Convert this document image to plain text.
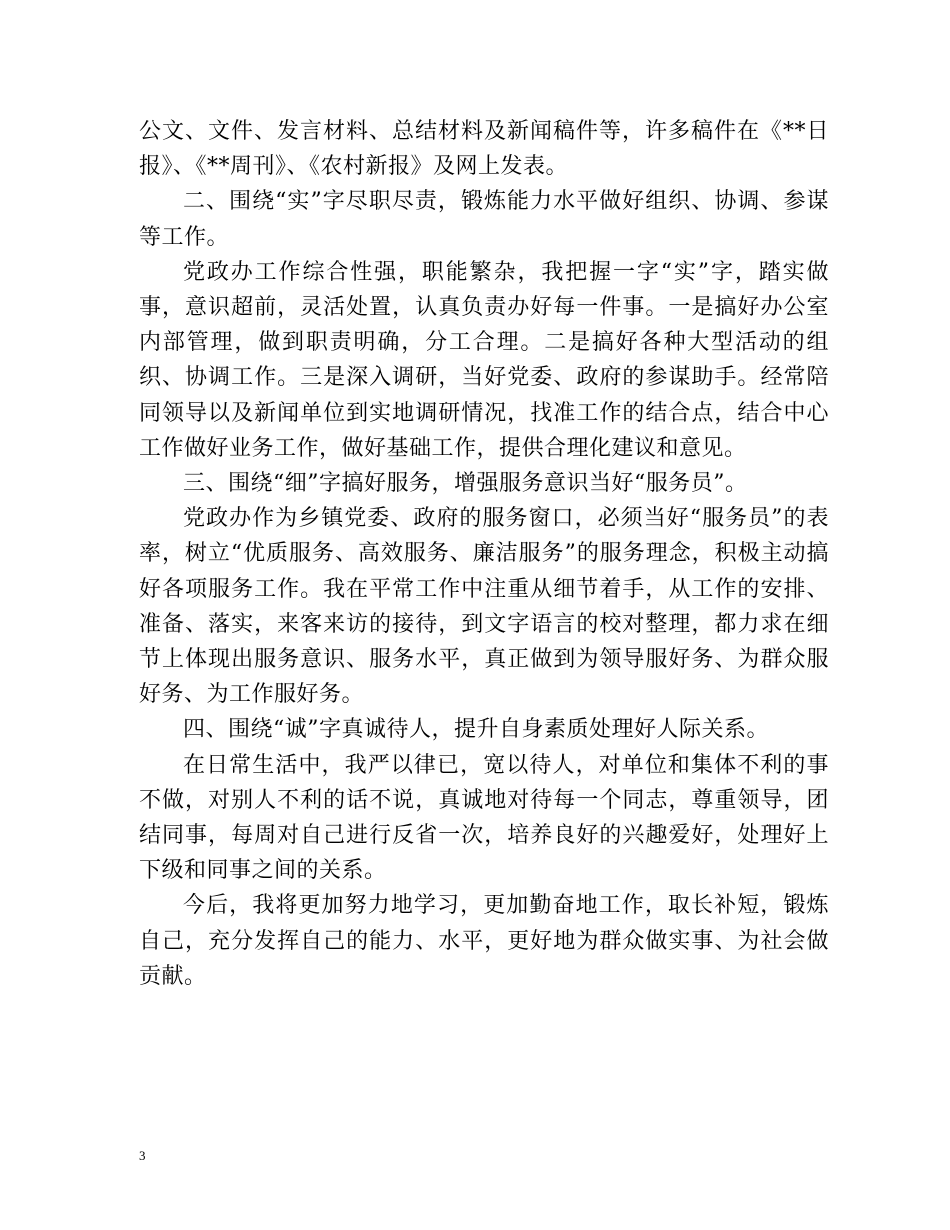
公文、文件、发言材料、总结材料及新闻稿件等，许多稿件在《**日报》、《**周刊》、《农村新报》及网上发表。

二、围绕“实”字尽职尽责，锻炼能力水平做好组织、协调、参谋等工作。

党政办工作综合性强，职能繁杂，我把握一字“实”字，踏实做事，意识超前，灵活处置，认真负责办好每一件事。一是搞好办公室内部管理，做到职责明确，分工合理。二是搞好各种大型活动的组织、协调工作。三是深入调研，当好党委、政府的参谋助手。经常陪同领导以及新闻单位到实地调研情况，找准工作的结合点，结合中心工作做好业务工作，做好基础工作，提供合理化建议和意见。

三、围绕“细”字搞好服务，增强服务意识当好“服务员”。

党政办作为乡镇党委、政府的服务窗口，必须当好“服务员”的表率，树立“优质服务、高效服务、廉洁服务”的服务理念，积极主动搞好各项服务工作。我在平常工作中注重从细节着手，从工作的安排、准备、落实，来客来访的接待，到文字语言的校对整理，都力求在细节上体现出服务意识、服务水平，真正做到为领导服好务、为群众服好务、为工作服好务。

四、围绕“诚”字真诚待人，提升自身素质处理好人际关系。

在日常生活中，我严以律已，宽以待人，对单位和集体不利的事不做，对别人不利的话不说，真诚地对待每一个同志，尊重领导，团结同事，每周对自己进行反省一次，培养良好的兴趣爱好，处理好上下级和同事之间的关系。

今后，我将更加努力地学习，更加勤奋地工作，取长补短，锻炼自己，充分发挥自己的能力、水平，更好地为群众做实事、为社会做贡献。

3
